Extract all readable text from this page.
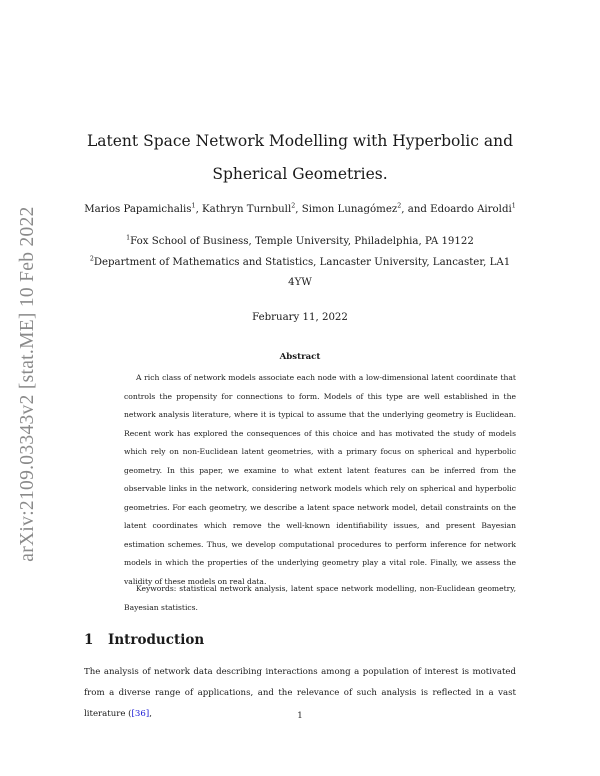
arXiv:2109.03343v2 [stat.ME] 10 Feb 2022
Latent Space Network Modelling with Hyperbolic and
Spherical Geometries.
Marios Papamichalis$^1$, Kathryn Turnbull$^2$, Simon Lunagómez$^2$, and Edoardo Airoldi$^1$
$^1$Fox School of Business, Temple University, Philadelphia, PA 19122
$^2$Department of Mathematics and Statistics, Lancaster University, Lancaster, LA1
4YW
February 11, 2022
Abstract
A rich class of network models associate each node with a low-dimensional latent coordinate that controls the propensity for connections to form. Models of this type are well established in the network analysis literature, where it is typical to assume that the underlying geometry is Euclidean. Recent work has explored the consequences of this choice and has motivated the study of models which rely on non-Euclidean latent geometries, with a primary focus on spherical and hyperbolic geometry. In this paper, we examine to what extent latent features can be inferred from the observable links in the network, considering network models which rely on spherical and hyperbolic geometries. For each geometry, we describe a latent space network model, detail constraints on the latent coordinates which remove the well-known identifiability issues, and present Bayesian estimation schemes. Thus, we develop computational procedures to perform inference for network models in which the properties of the underlying geometry play a vital role. Finally, we assess the validity of these models on real data.
Keywords: statistical network analysis, latent space network modelling, non-Euclidean geometry, Bayesian statistics.
1 Introduction
The analysis of network data describing interactions among a population of interest is motivated from a diverse range of applications, and the relevance of such analysis is reflected in a vast literature ([36],	1
